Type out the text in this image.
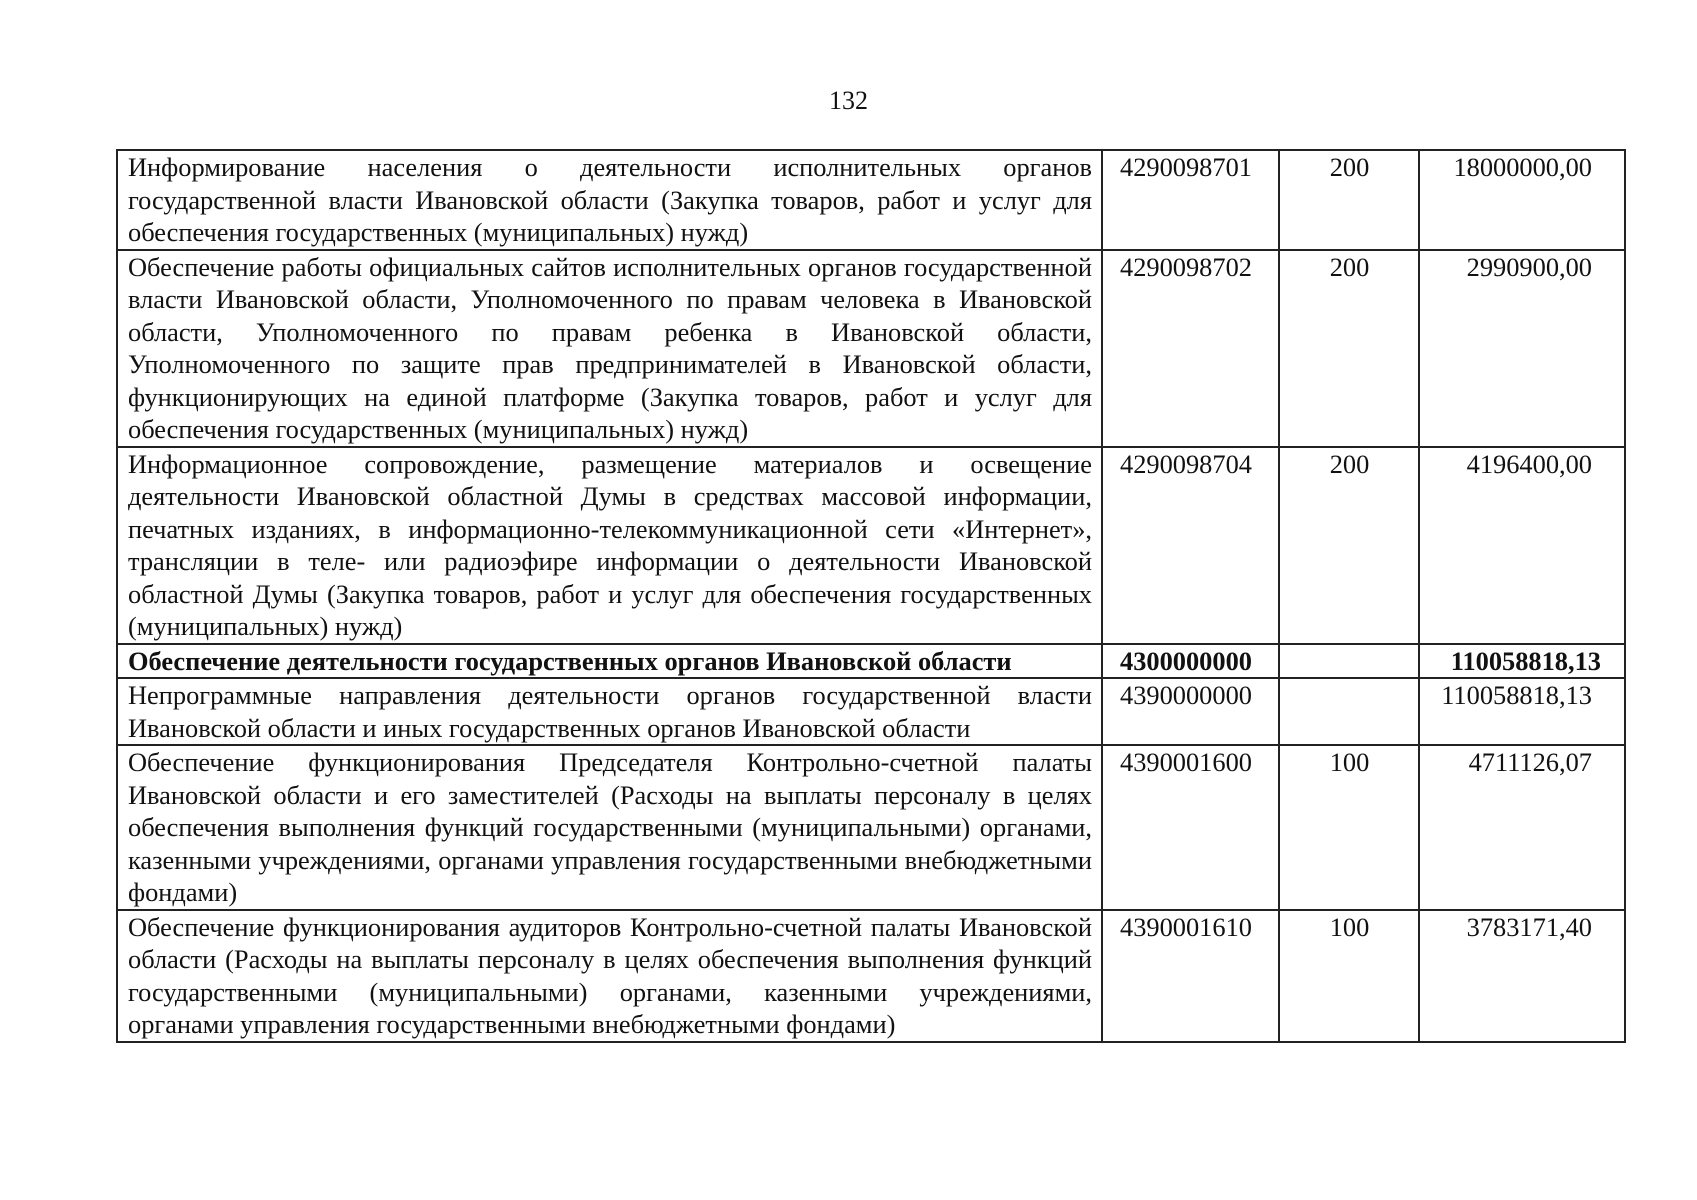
132
Информирование населения о деятельности исполнительных органов государственной власти Ивановской области (Закупка товаров, работ и услуг для обеспечения государственных (муниципальных) нужд)	4290098701	200	18000000,00
Обеспечение работы официальных сайтов исполнительных органов государственной власти Ивановской области, Уполномоченного по правам человека в Ивановской области, Уполномоченного по правам ребенка в Ивановской области, Уполномоченного по защите прав предпринимателей в Ивановской области, функционирующих на единой платформе (Закупка товаров, работ и услуг для обеспечения государственных (муниципальных) нужд)	4290098702	200	2990900,00
Информационное сопровождение, размещение материалов и освещение деятельности Ивановской областной Думы в средствах массовой информации, печатных изданиях, в информационно-телекоммуникационной сети «Интернет», трансляции в теле- или радиоэфире информации о деятельности Ивановской областной Думы (Закупка товаров, работ и услуг для обеспечения государственных (муниципальных) нужд)	4290098704	200	4196400,00
Обеспечение деятельности государственных органов Ивановской области	4300000000		110058818,13
Непрограммные направления деятельности органов государственной власти Ивановской области и иных государственных органов Ивановской области	4390000000		110058818,13
Обеспечение функционирования Председателя Контрольно-счетной палаты Ивановской области и его заместителей (Расходы на выплаты персоналу в целях обеспечения выполнения функций государственными (муниципальными) органами, казенными учреждениями, органами управления государственными внебюджетными фондами)	4390001600	100	4711126,07
Обеспечение функционирования аудиторов Контрольно-счетной палаты Ивановской области (Расходы на выплаты персоналу в целях обеспечения выполнения функций государственными (муниципальными) органами, казенными учреждениями, органами управления государственными внебюджетными фондами)	4390001610	100	3783171,40
